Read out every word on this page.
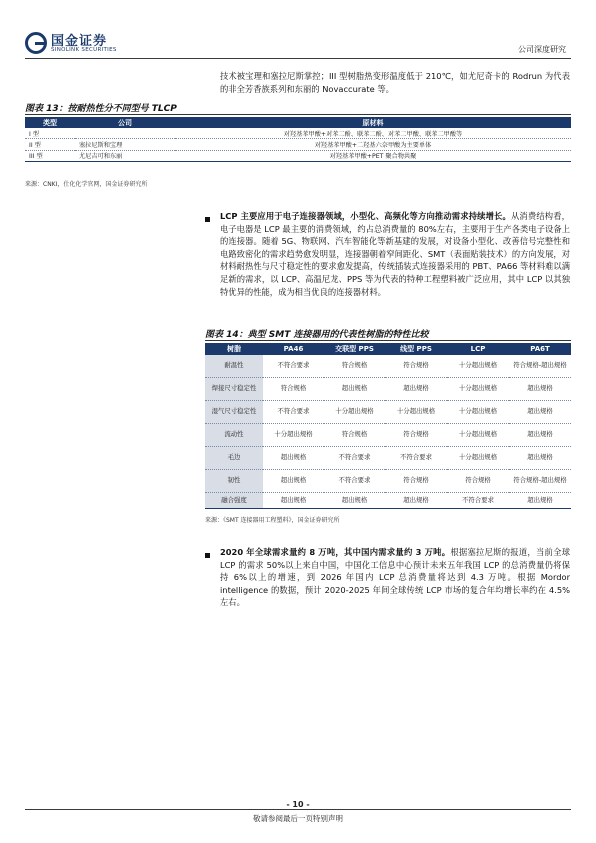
国金证券
SINOLINK SECURITIES	公司深度研究
技术被宝理和塞拉尼斯掌控；III 型树脂热变形温度低于 210℃，如尤尼奇卡的 Rodrun 为代表的非全芳香族系列和东丽的 Novaccurate 等。
图表 13：按耐热性分不同型号 TLCP
类型	公司	原材料
I 型		对羟基苯甲酸+对苯二酚、联苯二酚、对苯二甲酸、联苯二甲酸等
II 型	塞拉尼斯和宝理	对羟基苯甲酸+二羟基六奈甲酸为主要单体
III 型	尤尼吉可和东丽	对羟基苯甲酸+PET 聚合物共聚
来源：CNKI，仕化化学官网，国金证券研究所
LCP 主要应用于电子连接器领域，小型化、高频化等方向推动需求持续增长。从消费结构看，电子电器是 LCP 最主要的消费领域，约占总消费量的 80%左右，主要用于生产各类电子设备上的连接器。随着 5G、物联网、汽车智能化等新基建的发展，对设备小型化、改善信号完整性和电路致密化的需求趋势愈发明显，连接器朝着窄间距化、SMT（表面贴装技术）的方向发展，对材料耐热性与尺寸稳定性的要求愈发提高，传统插装式连接器采用的 PBT、PA66 等材料难以满足新的需求，以 LCP、高温尼龙、PPS 等为代表的特种工程塑料被广泛应用，其中 LCP 以其独特优异的性能，成为相当优良的连接器材料。
图表 14：典型 SMT 连接器用的代表性树脂的特性比较
树脂	PA46	交联型 PPS	线型 PPS	LCP	PA6T
耐温性	不符合要求	符合规格	符合规格	十分超出规格	符合规格-超出规格
焊接尺寸稳定性	符合规格	超出规格	超出规格	十分超出规格	超出规格
湿气尺寸稳定性	不符合要求	十分超出规格	十分超出规格	十分超出规格	超出规格
流动性	十分超出规格	符合规格	符合规格	十分超出规格	超出规格
毛边	超出规格	不符合要求	不符合要求	十分超出规格	超出规格
韧性	超出规格	不符合要求	符合规格	符合规格	符合规格-超出规格
融合强度	超出规格	超出规格	超出规格	不符合要求	超出规格
来源：《SMT 连接器用工程塑料》，国金证券研究所
2020 年全球需求量约 8 万吨，其中国内需求量约 3 万吨。根据塞拉尼斯的报道，当前全球 LCP 的需求 50%以上来自中国，中国化工信息中心预计未来五年我国 LCP 的总消费量仍将保持 6%以上的增速，到 2026 年国内 LCP 总消费量将达到 4.3 万吨。根据 Mordor intelligence 的数据，预计 2020-2025 年间全球传统 LCP 市场的复合年均增长率约在 4.5%左右。
- 10 -
敬请参阅最后一页特别声明
